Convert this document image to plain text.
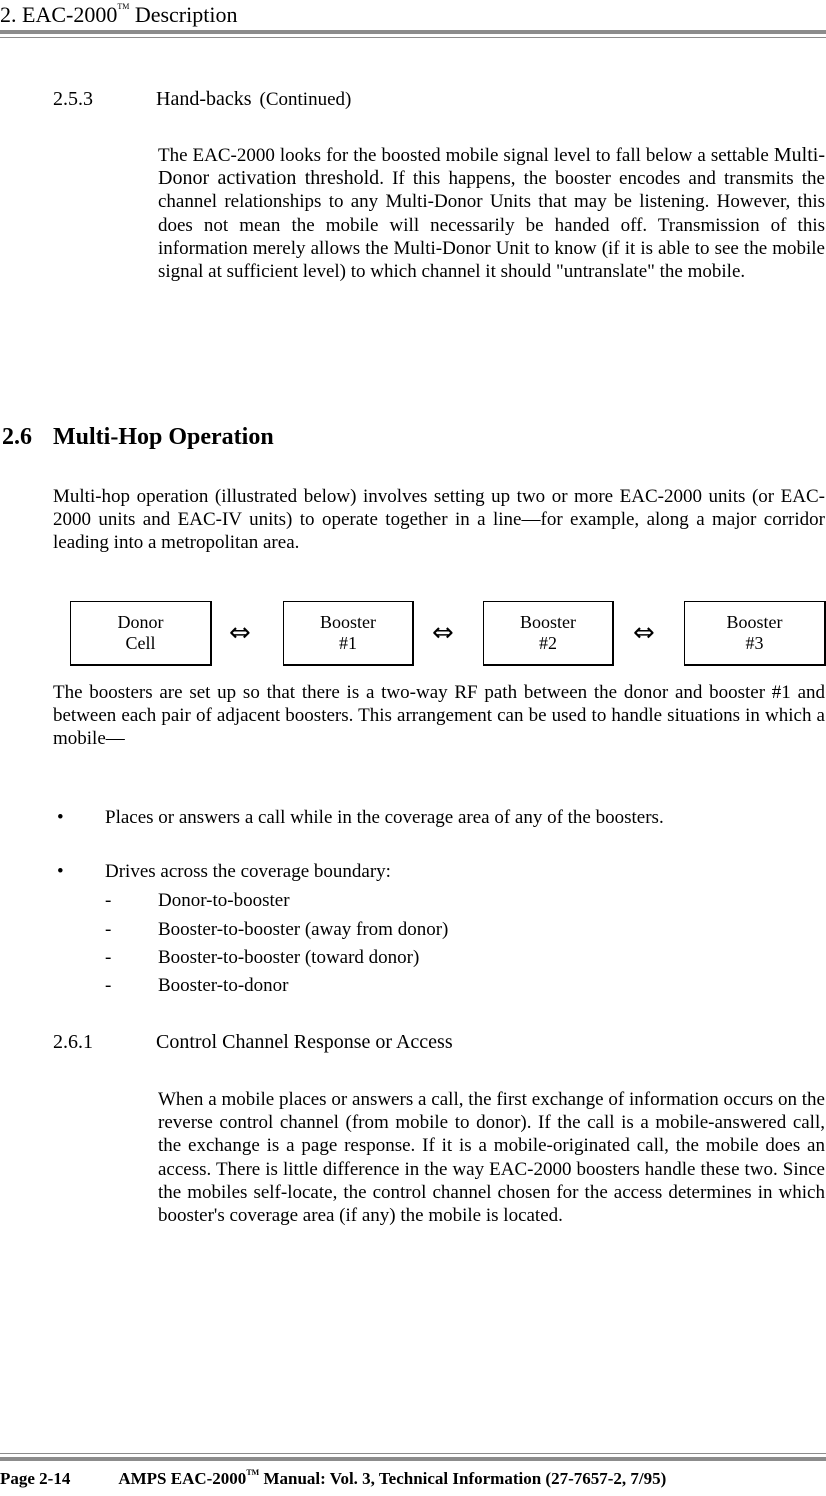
2. EAC-2000™ Description
2.5.3	Hand-backs (Continued)

The EAC-2000 looks for the boosted mobile signal level to fall below a settable Multi-Donor activation threshold. If this happens, the booster encodes and transmits the channel relationships to any Multi-Donor Units that may be listening. However, this does not mean the mobile will necessarily be handed off. Transmission of this information merely allows the Multi-Donor Unit to know (if it is able to see the mobile signal at sufficient level) to which channel it should "untranslate" the mobile.

2.6 Multi-Hop Operation

Multi-hop operation (illustrated below) involves setting up two or more EAC-2000 units (or EAC-2000 units and EAC-IV units) to operate together in a line—for example, along a major corridor leading into a metropolitan area.

Donor
Cell	⇔	Booster
#1	⇔	Booster
#2	⇔	Booster
#3

The boosters are set up so that there is a two-way RF path between the donor and booster #1 and between each pair of adjacent boosters. This arrangement can be used to handle situations in which a mobile—

• Places or answers a call while in the coverage area of any of the boosters.
• Drives across the coverage boundary:
- Donor-to-booster
- Booster-to-booster (away from donor)
- Booster-to-booster (toward donor)
- Booster-to-donor
2.6.1	Control Channel Response or Access

When a mobile places or answers a call, the first exchange of information occurs on the reverse control channel (from mobile to donor). If the call is a mobile-answered call, the exchange is a page response. If it is a mobile-originated call, the mobile does an access. There is little difference in the way EAC-2000 boosters handle these two. Since the mobiles self-locate, the control channel chosen for the access determines in which booster's coverage area (if any) the mobile is located.

Page 2-14	AMPS EAC-2000™ Manual: Vol. 3, Technical Information (27-7657-2, 7/95)
